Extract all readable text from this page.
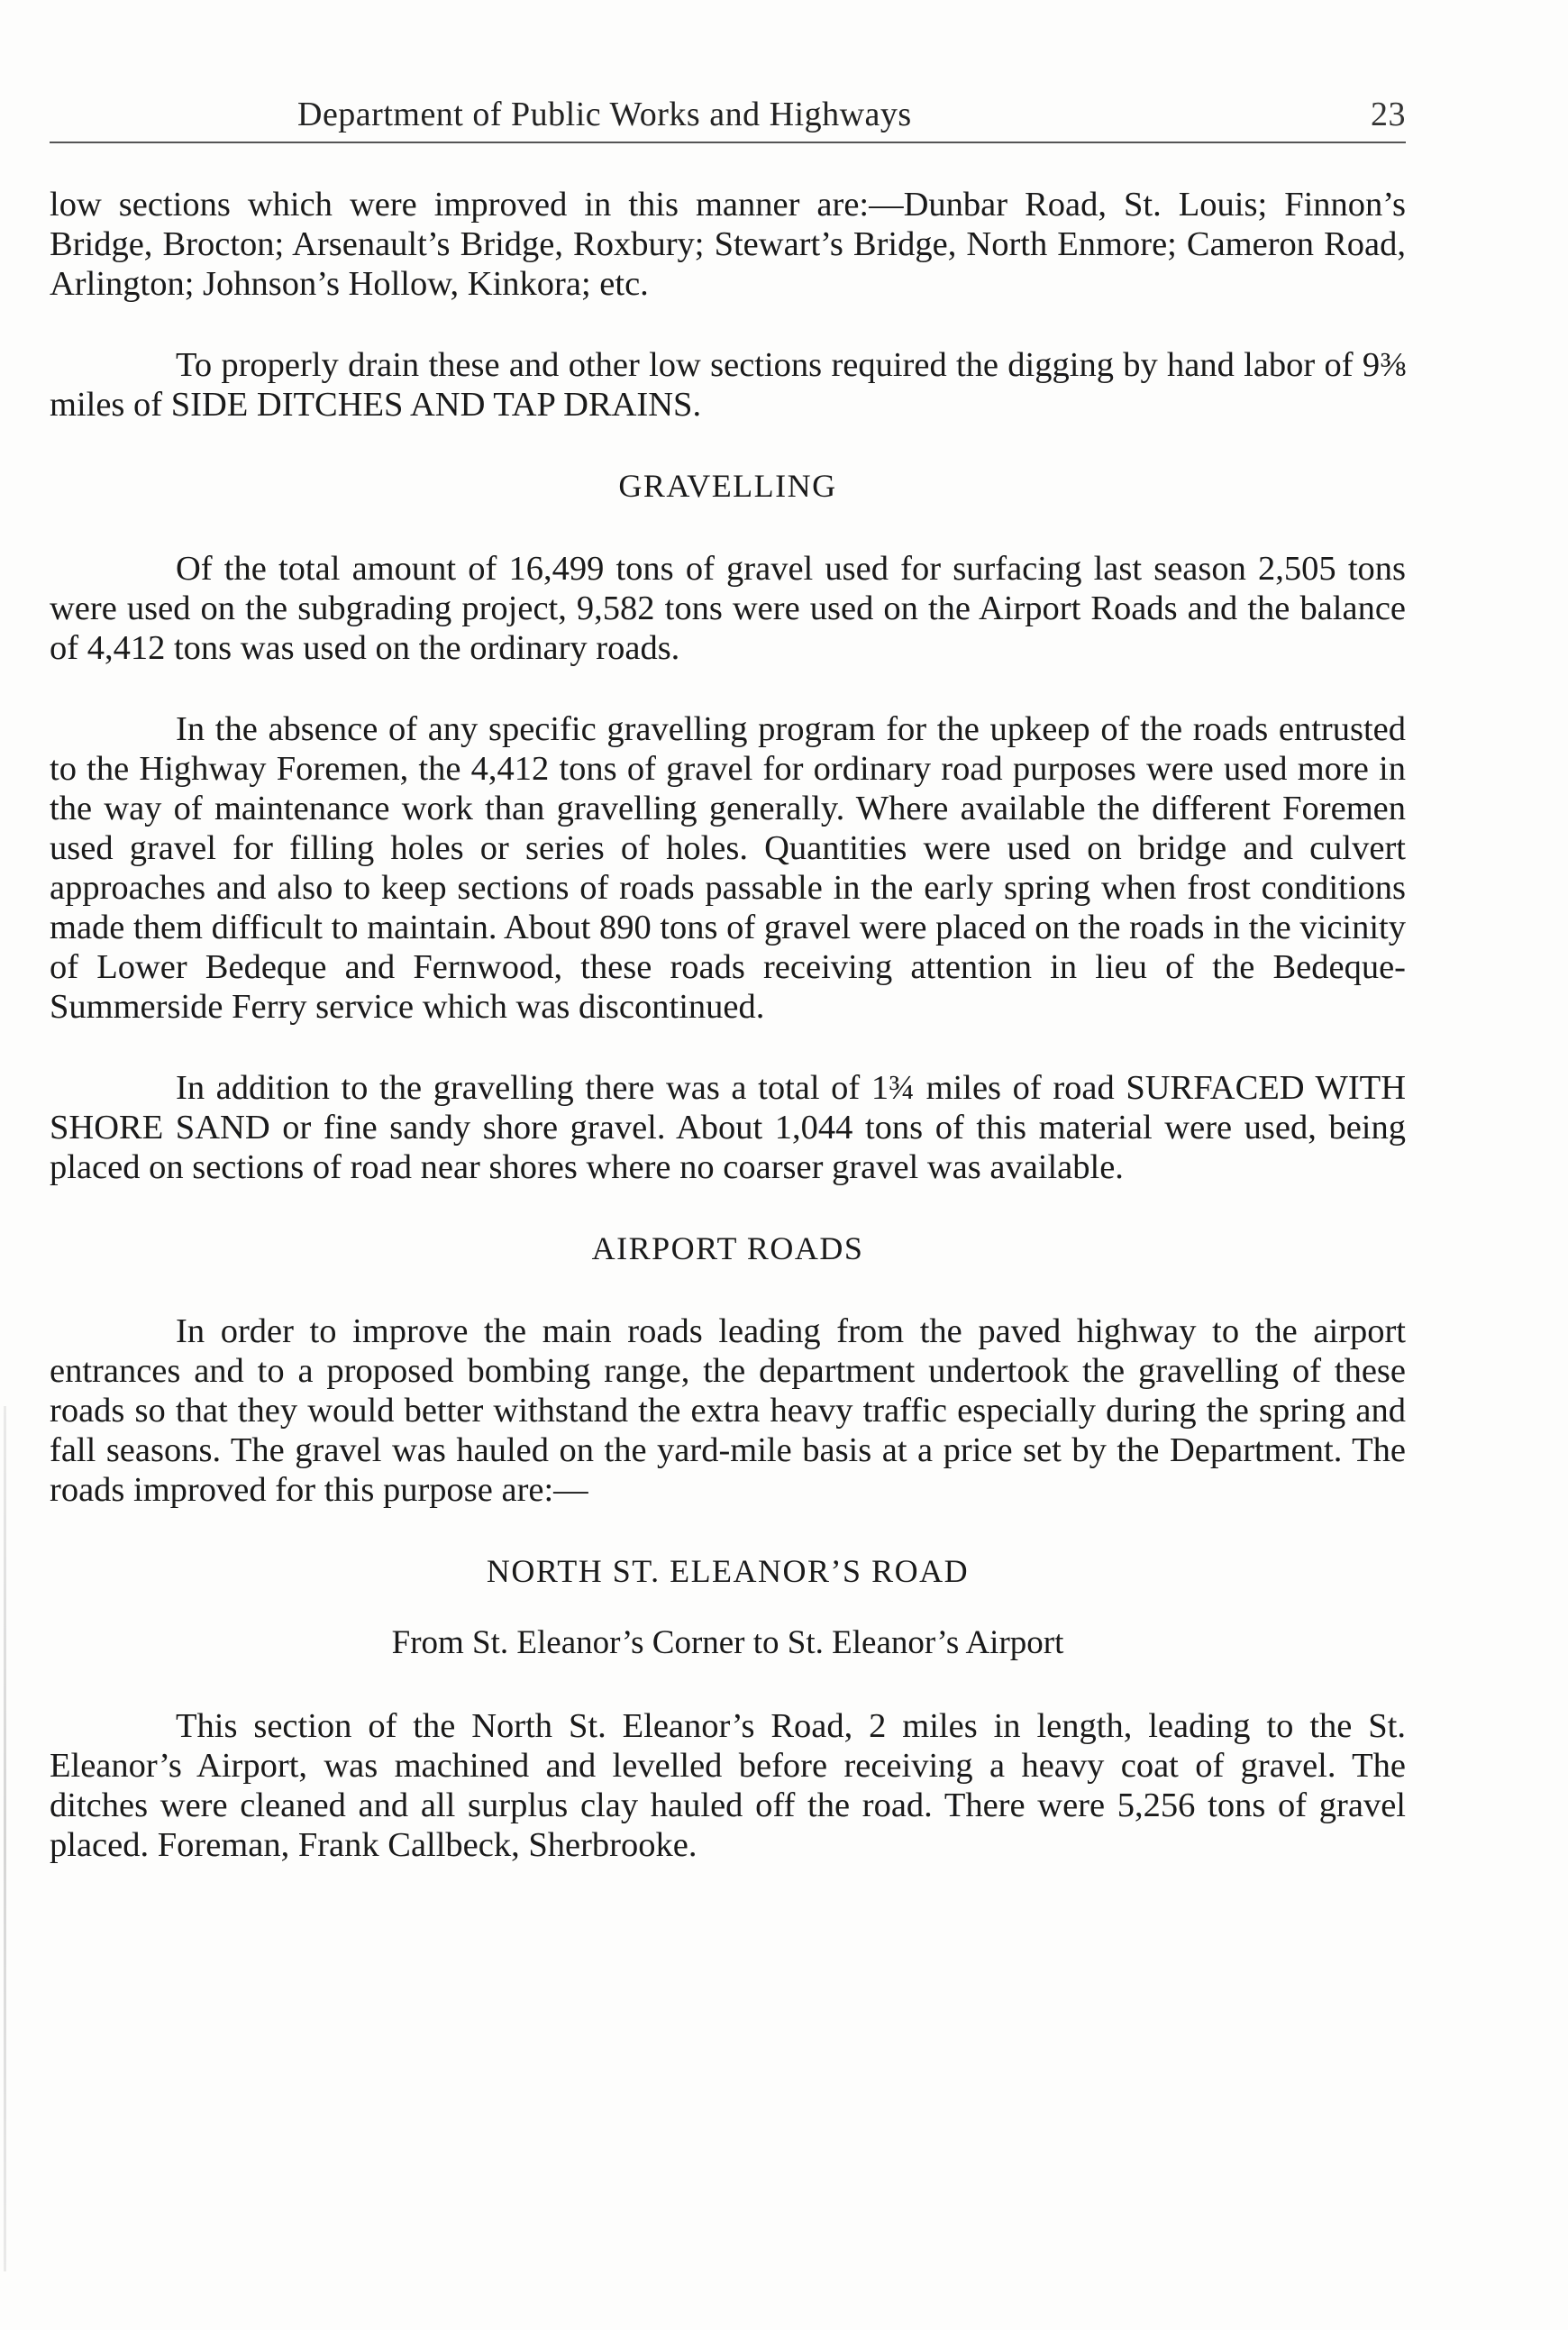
Department of Public Works and Highways	23

low sections which were improved in this manner are:—Dunbar Road, St. Louis; Finnon’s Bridge, Brocton; Arsenault’s Bridge, Roxbury; Stewart’s Bridge, North Enmore; Cameron Road, Arlington; Johnson’s Hollow, Kinkora; etc.

To properly drain these and other low sections required the digging by hand labor of 9⅜ miles of SIDE DITCHES AND TAP DRAINS.

GRAVELLING

Of the total amount of 16,499 tons of gravel used for surfacing last season 2,505 tons were used on the subgrading project, 9,582 tons were used on the Airport Roads and the balance of 4,412 tons was used on the ordinary roads.

In the absence of any specific gravelling program for the upkeep of the roads entrusted to the Highway Foremen, the 4,412 tons of gravel for ordinary road purposes were used more in the way of maintenance work than gravelling generally. Where available the different Foremen used gravel for filling holes or series of holes. Quantities were used on bridge and culvert approaches and also to keep sections of roads passable in the early spring when frost conditions made them difficult to maintain. About 890 tons of gravel were placed on the roads in the vicinity of Lower Bedeque and Fernwood, these roads receiving attention in lieu of the Bedeque-Summerside Ferry service which was discontinued.

In addition to the gravelling there was a total of 1¾ miles of road SURFACED WITH SHORE SAND or fine sandy shore gravel. About 1,044 tons of this material were used, being placed on sections of road near shores where no coarser gravel was available.

AIRPORT ROADS

In order to improve the main roads leading from the paved highway to the airport entrances and to a proposed bombing range, the department undertook the gravelling of these roads so that they would better withstand the extra heavy traffic especially during the spring and fall seasons. The gravel was hauled on the yard-mile basis at a price set by the Department. The roads improved for this purpose are:—

NORTH ST. ELEANOR’S ROAD

From St. Eleanor’s Corner to St. Eleanor’s Airport

This section of the North St. Eleanor’s Road, 2 miles in length, leading to the St. Eleanor’s Airport, was machined and levelled before receiving a heavy coat of gravel. The ditches were cleaned and all surplus clay hauled off the road. There were 5,256 tons of gravel placed. Foreman, Frank Callbeck, Sherbrooke.
